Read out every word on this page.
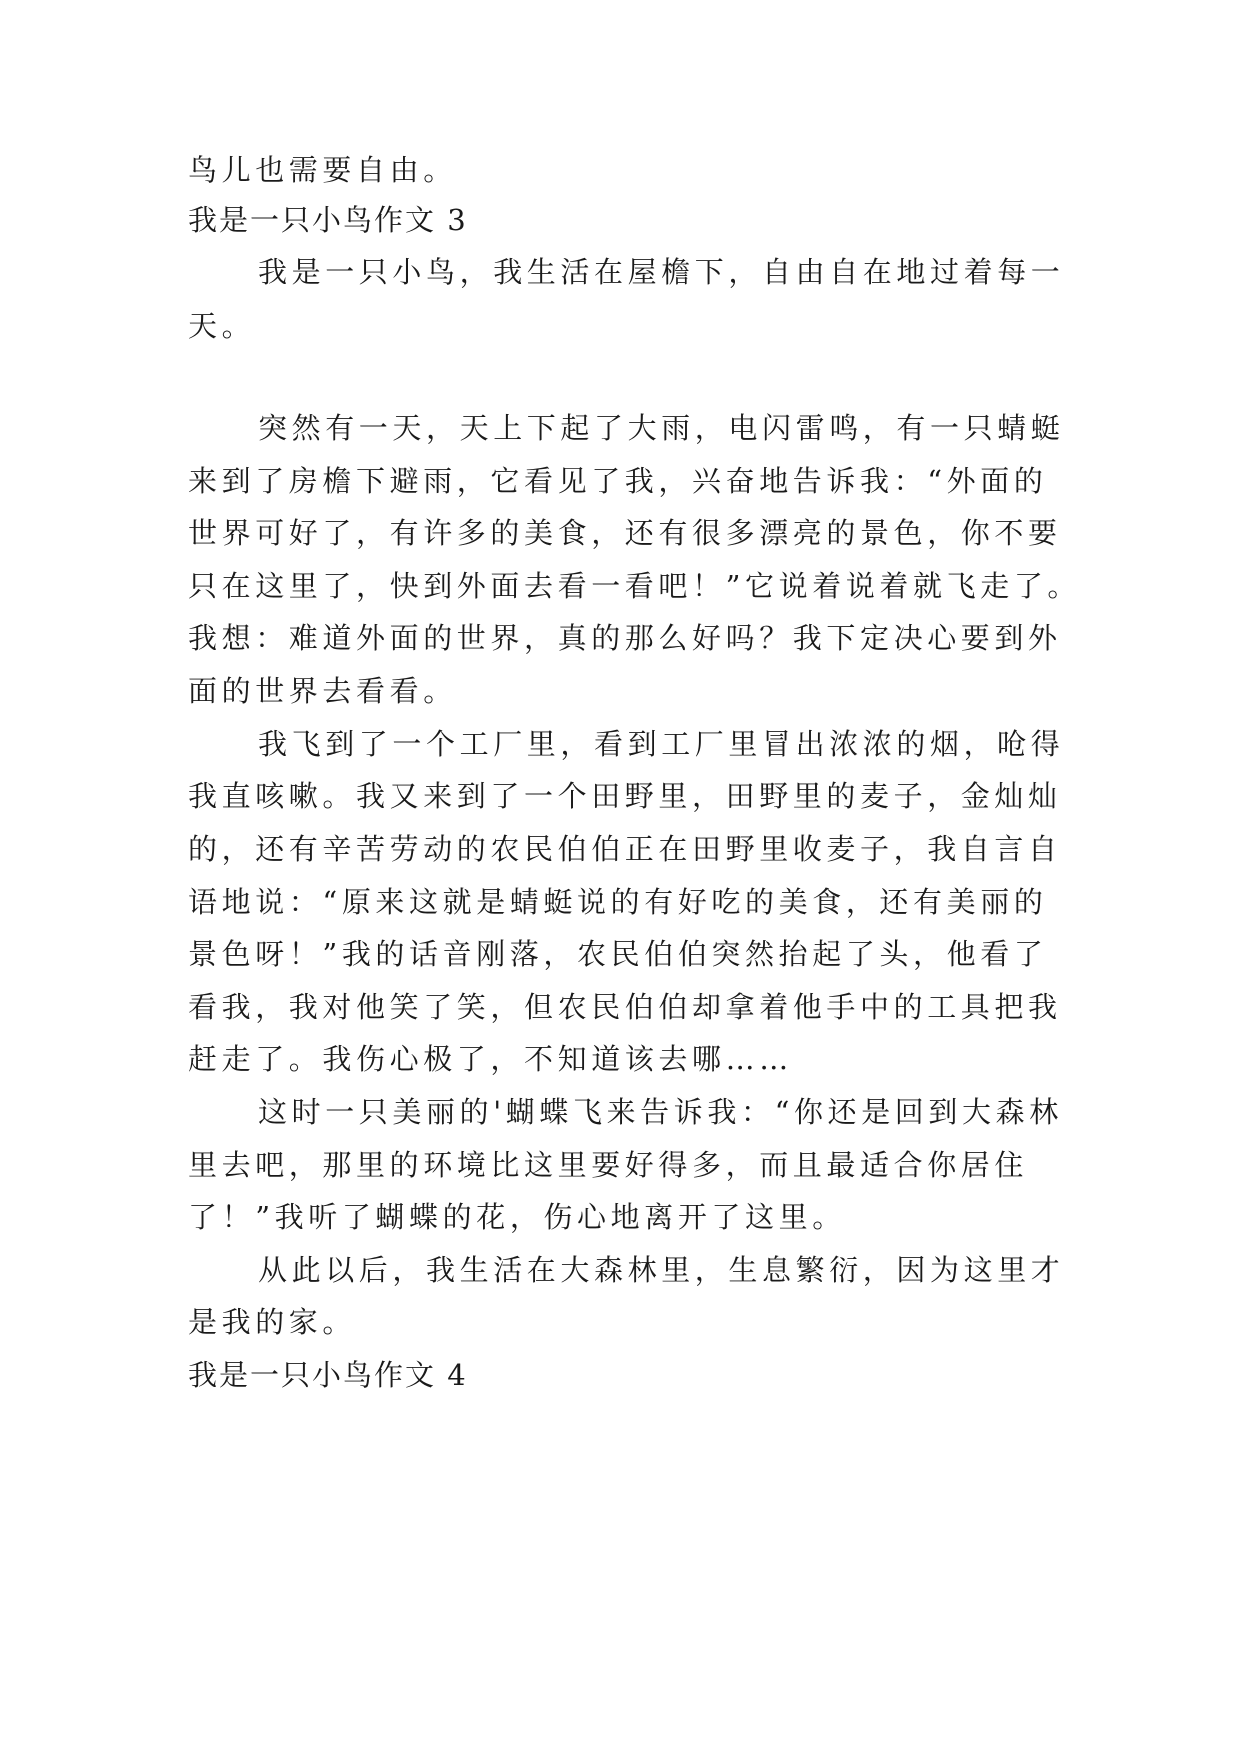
鸟儿也需要自由。
我是一只小鸟作文 3
我是一只小鸟，我生活在屋檐下，自由自在地过着每一
天。
突然有一天，天上下起了大雨，电闪雷鸣，有一只蜻蜓
来到了房檐下避雨，它看见了我，兴奋地告诉我：“外面的
世界可好了，有许多的美食，还有很多漂亮的景色，你不要
只在这里了，快到外面去看一看吧！”它说着说着就飞走了。
我想：难道外面的世界，真的那么好吗？我下定决心要到外
面的世界去看看。
我飞到了一个工厂里，看到工厂里冒出浓浓的烟，呛得
我直咳嗽。我又来到了一个田野里，田野里的麦子，金灿灿
的，还有辛苦劳动的农民伯伯正在田野里收麦子，我自言自
语地说：“原来这就是蜻蜓说的有好吃的美食，还有美丽的
景色呀！”我的话音刚落，农民伯伯突然抬起了头，他看了
看我，我对他笑了笑，但农民伯伯却拿着他手中的工具把我
赶走了。我伤心极了，不知道该去哪……
这时一只美丽的'蝴蝶飞来告诉我：“你还是回到大森林
里去吧，那里的环境比这里要好得多，而且最适合你居住
了！”我听了蝴蝶的花，伤心地离开了这里。
从此以后，我生活在大森林里，生息繁衍，因为这里才
是我的家。
我是一只小鸟作文 4
